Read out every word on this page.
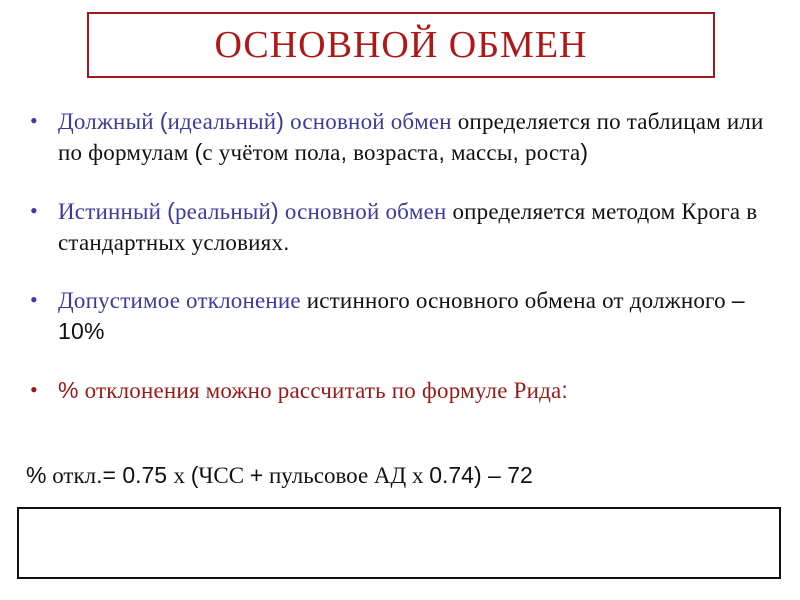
ОСНОВНОЙ ОБМЕН
• Должный (идеальный) основной обмен определяется по таблицам или по формулам (с учётом пола, возраста, массы, роста)
• Истинный (реальный) основной обмен определяется методом Крога в стандартных условиях.
• Допустимое отклонение истинного основного обмена от должного – 10%
• % отклонения можно рассчитать по формуле Рида:
% откл.= 0.75 х (ЧСС + пульсовое АД х 0.74) – 72
